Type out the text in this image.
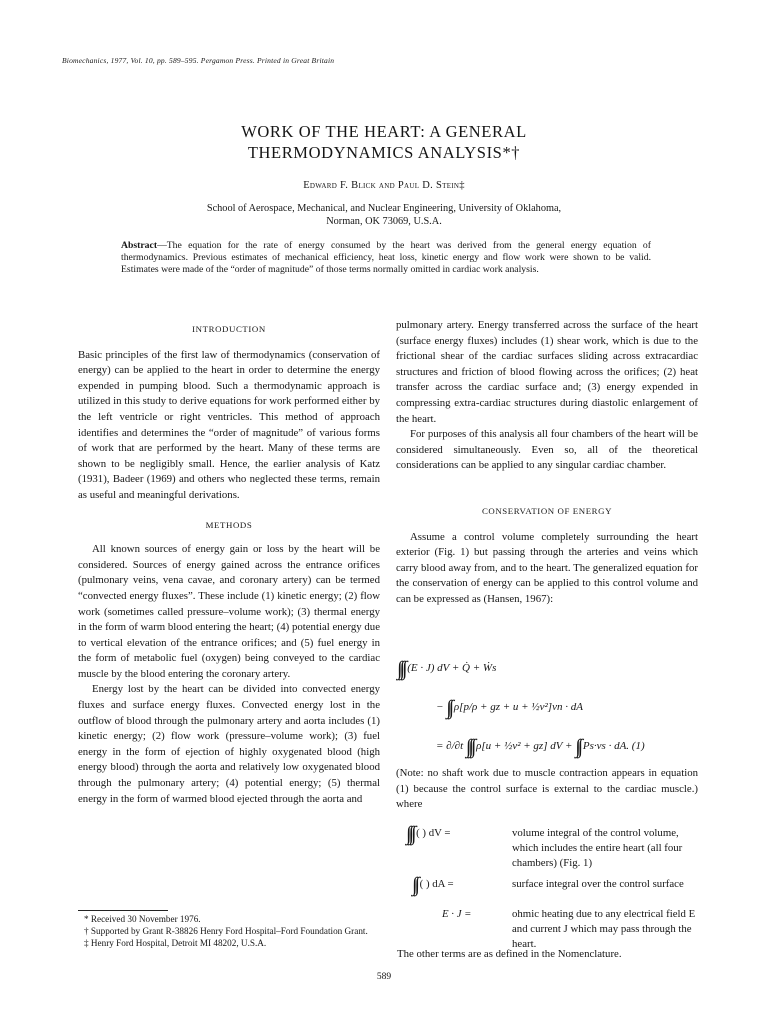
Biomechanics, 1977, Vol. 10, pp. 589–595. Pergamon Press. Printed in Great Britain
WORK OF THE HEART: A GENERAL
THERMODYNAMICS ANALYSIS*†
Edward F. Blick and Paul D. Stein‡
School of Aerospace, Mechanical, and Nuclear Engineering, University of Oklahoma,
Norman, OK 73069, U.S.A.
Abstract—The equation for the rate of energy consumed by the heart was derived from the general energy equation of thermodynamics. Previous estimates of mechanical efficiency, heat loss, kinetic energy and flow work were shown to be valid. Estimates were made of the “order of magnitude” of those terms normally omitted in cardiac work analysis.
INTRODUCTION

Basic principles of the first law of thermodynamics (conservation of energy) can be applied to the heart in order to determine the energy expended in pumping blood. Such a thermodynamic approach is utilized in this study to derive equations for work performed either by the left ventricle or right ventricles. This method of approach identifies and determines the “order of magnitude” of various forms of work that are performed by the heart. Many of these terms are shown to be negligibly small. Hence, the earlier analysis of Katz (1931), Badeer (1969) and others who neglected these terms, remain as useful and meaningful derivations.

METHODS

All known sources of energy gain or loss by the heart will be considered. Sources of energy gained across the entrance orifices (pulmonary veins, vena cavae, and coronary artery) can be termed “convected energy fluxes”. These include (1) kinetic energy; (2) flow work (sometimes called pressure–volume work); (3) thermal energy in the form of warm blood entering the heart; (4) potential energy due to vertical elevation of the entrance orifices; and (5) fuel energy in the form of metabolic fuel (oxygen) being conveyed to the cardiac muscle by the blood entering the coronary artery.

Energy lost by the heart can be divided into convected energy fluxes and surface energy fluxes. Convected energy lost in the outflow of blood through the pulmonary artery and aorta includes (1) kinetic energy; (2) flow work (pressure–volume work); (3) fuel energy in the form of ejection of highly oxygenated blood (high energy blood) through the aorta and relatively low oxygenated blood through the pulmonary artery; (4) potential energy; (5) thermal energy in the form of warmed blood ejected through the aorta and

* Received 30 November 1976.
† Supported by Grant R-38826 Henry Ford Hospital–Ford Foundation Grant.
‡ Henry Ford Hospital, Detroit MI 48202, U.S.A.

pulmonary artery. Energy transferred across the surface of the heart (surface energy fluxes) includes (1) shear work, which is due to the frictional shear of the cardiac surfaces sliding across extracardiac structures and friction of blood flowing across the orifices; (2) heat transfer across the cardiac surface and; (3) energy expended in compressing extra-cardiac structures during diastolic enlargement of the heart.

For purposes of this analysis all four chambers of the heart will be considered simultaneously. Even so, all of the theoretical considerations can be applied to any singular cardiac chamber.

CONSERVATION OF ENERGY

Assume a control volume completely surrounding the heart exterior (Fig. 1) but passing through the arteries and veins which carry blood away from, and to the heart. The generalized equation for the conservation of energy can be applied to this control volume and can be expressed as (Hansen, 1967):

∫∫∫ (E · J) dV + Q̇ + Ẇs
− ∫∫ ρ[p/ρ + gz + u + ½v²]vn · dA
= ∂/∂t ∫∫∫ ρ[u + ½v² + gz] dV + ∫∫ Ps·vs · dA. (1)
(Note: no shaft work due to muscle contraction appears in equation (1) because the control surface is external to the cardiac muscle.) where
∫∫∫ ( ) dV =	volume integral of the control volume, which includes the entire heart (all four chambers) (Fig. 1)
∫∫ ( ) dA =	surface integral over the control surface
E · J =	ohmic heating due to any electrical field E and current J which may pass through the heart.
The other terms are as defined in the Nomenclature.
589
